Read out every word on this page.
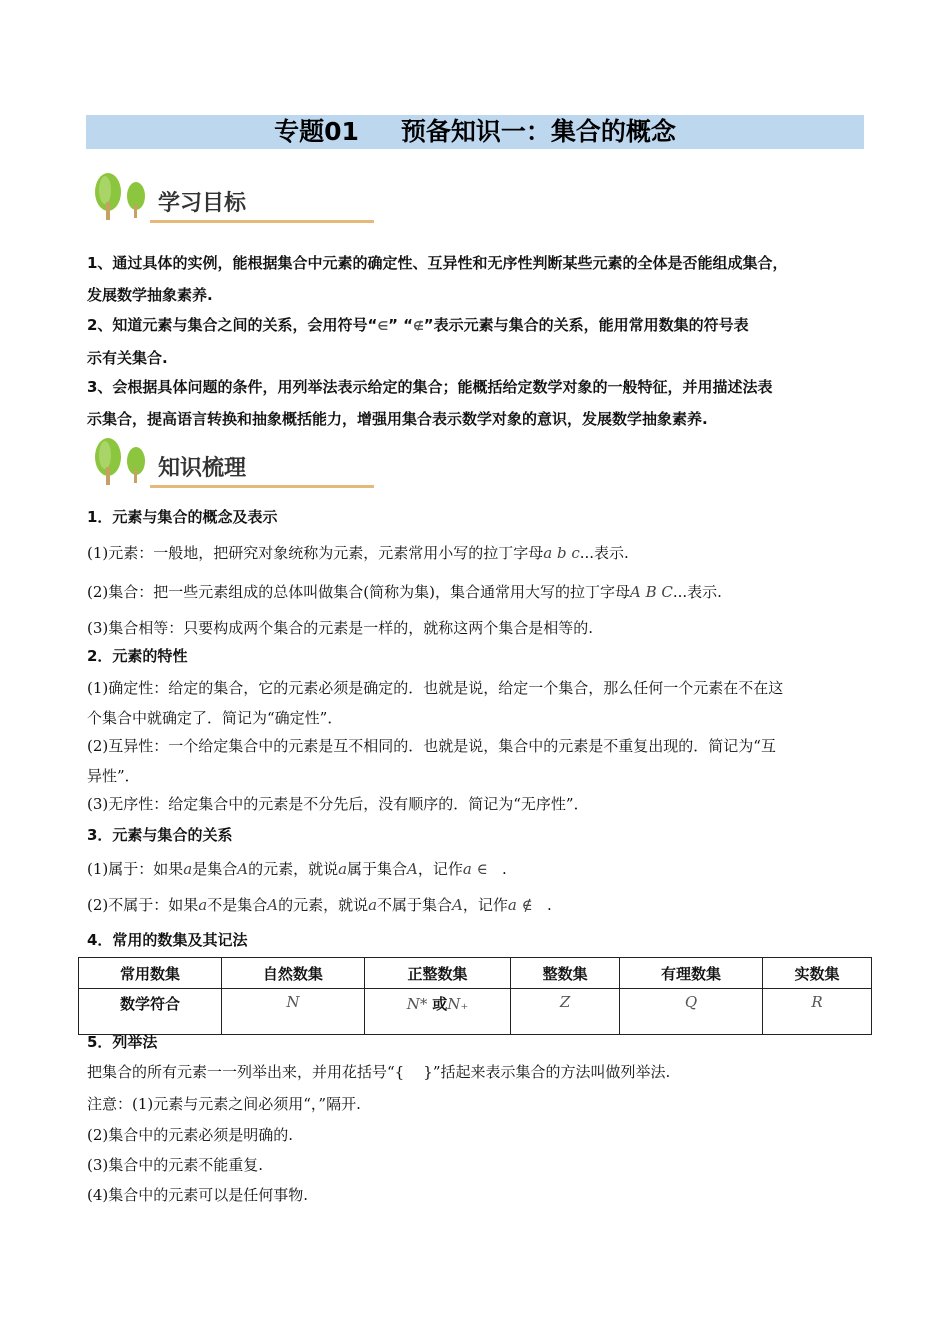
专题01 预备知识一：集合的概念
学习目标
1、通过具体的实例，能根据集合中元素的确定性、互异性和无序性判断某些元素的全体是否能组成集合，
发展数学抽象素养.
2、知道元素与集合之间的关系，会用符号“∈” “∉”表示元素与集合的关系，能用常用数集的符号表
示有关集合.
3、会根据具体问题的条件，用列举法表示给定的集合；能概括给定数学对象的一般特征，并用描述法表
示集合，提高语言转换和抽象概括能力，增强用集合表示数学对象的意识，发展数学抽象素养.
知识梳理
1．元素与集合的概念及表示
(1)元素：一般地，把研究对象统称为元素，元素常用小写的拉丁字母a b c...表示.
(2)集合：把一些元素组成的总体叫做集合(简称为集)，集合通常用大写的拉丁字母A B C...表示.
(3)集合相等：只要构成两个集合的元素是一样的，就称这两个集合是相等的.
2．元素的特性
(1)确定性：给定的集合，它的元素必须是确定的．也就是说，给定一个集合，那么任何一个元素在不在这
个集合中就确定了．简记为“确定性”．
(2)互异性：一个给定集合中的元素是互不相同的．也就是说，集合中的元素是不重复出现的．简记为“互
异性”．
(3)无序性：给定集合中的元素是不分先后，没有顺序的．简记为“无序性”．
3．元素与集合的关系
(1)属于：如果a是集合A的元素，就说a属于集合A，记作a ∈   .
(2)不属于：如果a不是集合A的元素，就说a不属于集合A，记作a ∉   .
4．常用的数集及其记法
常用数集	自然数集	正整数集	整数集	有理数集	实数集
数学符合	N	N* 或N₊	Z	Q	R
5．列举法
把集合的所有元素一一列举出来，并用花括号“{    }”括起来表示集合的方法叫做列举法.
注意：(1)元素与元素之间必须用“，”隔开.
(2)集合中的元素必须是明确的.
(3)集合中的元素不能重复.
(4)集合中的元素可以是任何事物.
